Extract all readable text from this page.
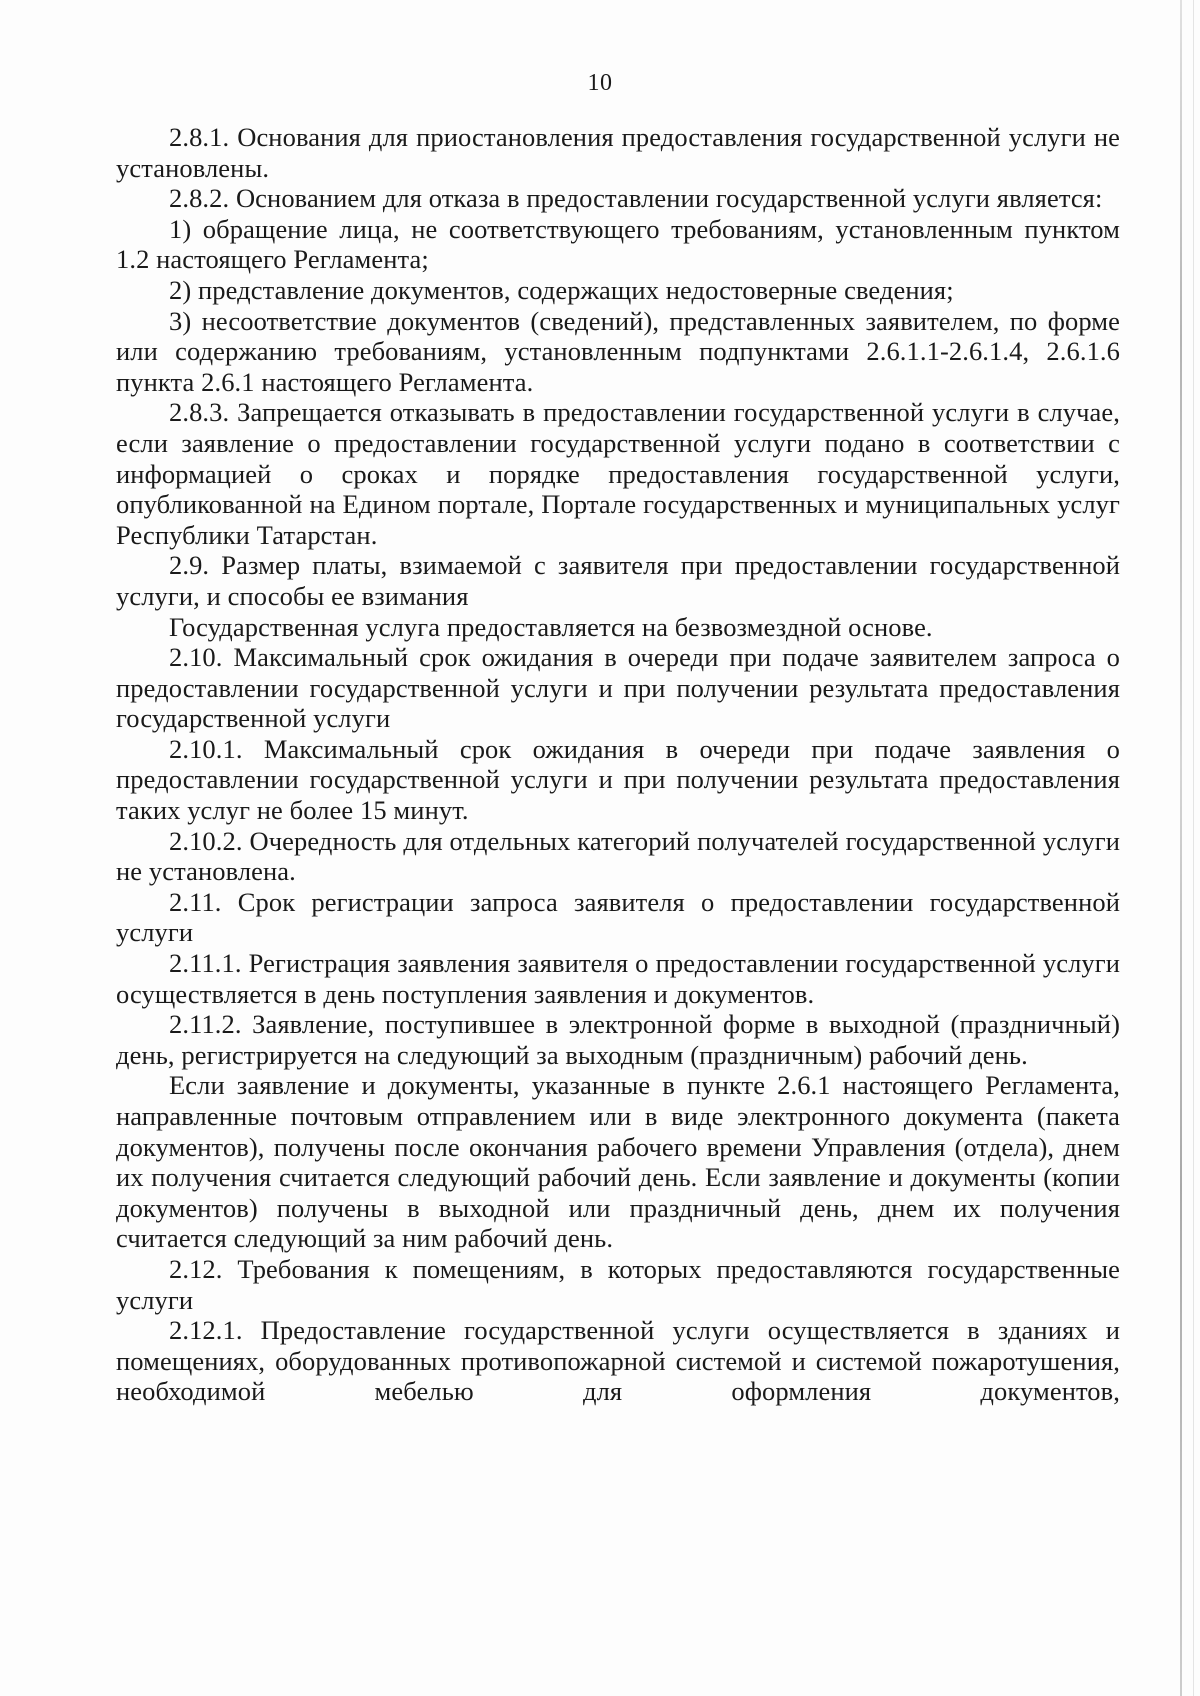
10

2.8.1. Основания для приостановления предоставления государственной услуги не установлены.

2.8.2. Основанием для отказа в предоставлении государственной услуги является:

1) обращение лица, не соответствующего требованиям, установленным пунктом 1.2 настоящего Регламента;

2) представление документов, содержащих недостоверные сведения;

3) несоответствие документов (сведений), представленных заявителем, по форме или содержанию требованиям, установленным подпунктами 2.6.1.1-2.6.1.4, 2.6.1.6 пункта 2.6.1 настоящего Регламента.

2.8.3. Запрещается отказывать в предоставлении государственной услуги в случае, если заявление о предоставлении государственной услуги подано в соответствии с информацией о сроках и порядке предоставления государственной услуги, опубликованной на Едином портале, Портале государственных и муниципальных услуг Республики Татарстан.

2.9. Размер платы, взимаемой с заявителя при предоставлении государственной услуги, и способы ее взимания

Государственная услуга предоставляется на безвозмездной основе.

2.10. Максимальный срок ожидания в очереди при подаче заявителем запроса о предоставлении государственной услуги и при получении результата предоставления государственной услуги

2.10.1. Максимальный срок ожидания в очереди при подаче заявления о предоставлении государственной услуги и при получении результата предоставления таких услуг не более 15 минут.

2.10.2. Очередность для отдельных категорий получателей государственной услуги не установлена.

2.11. Срок регистрации запроса заявителя о предоставлении государственной услуги

2.11.1. Регистрация заявления заявителя о предоставлении государственной услуги осуществляется в день поступления заявления и документов.

2.11.2. Заявление, поступившее в электронной форме в выходной (праздничный) день, регистрируется на следующий за выходным (праздничным) рабочий день.

Если заявление и документы, указанные в пункте 2.6.1 настоящего Регламента, направленные почтовым отправлением или в виде электронного документа (пакета документов), получены после окончания рабочего времени Управления (отдела), днем их получения считается следующий рабочий день. Если заявление и документы (копии документов) получены в выходной или праздничный день, днем их получения считается следующий за ним рабочий день.

2.12. Требования к помещениям, в которых предоставляются государственные услуги

2.12.1. Предоставление государственной услуги осуществляется в зданиях и помещениях, оборудованных противопожарной системой и системой пожаротушения, необходимой мебелью для оформления документов,
